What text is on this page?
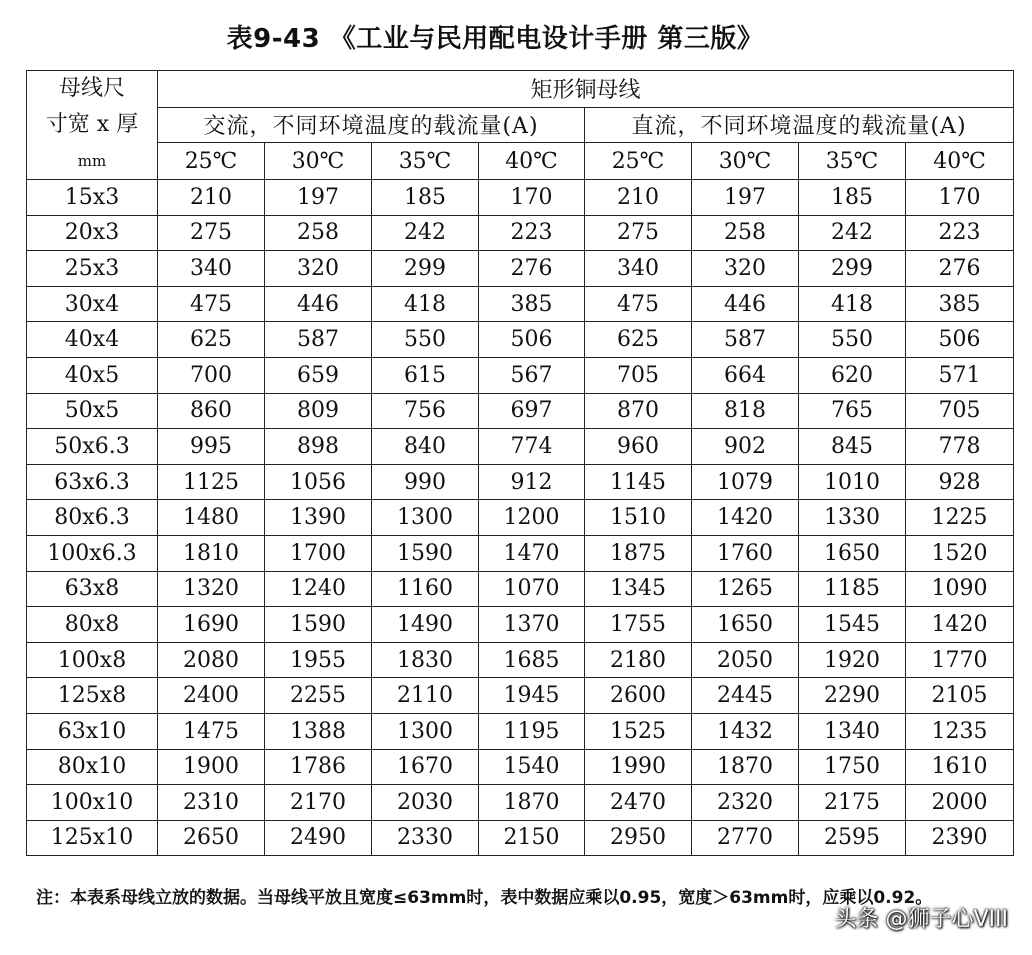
表9-43 《工业与民用配电设计手册 第三版》
母线尺
寸宽 x 厚
mm	矩形铜母线							
	交流，不同环境温度的载流量(A)				直流，不同环境温度的载流量(A)			
	25℃	30℃	35℃	40℃	25℃	30℃	35℃	40℃
15x3	210	197	185	170	210	197	185	170
20x3	275	258	242	223	275	258	242	223
25x3	340	320	299	276	340	320	299	276
30x4	475	446	418	385	475	446	418	385
40x4	625	587	550	506	625	587	550	506
40x5	700	659	615	567	705	664	620	571
50x5	860	809	756	697	870	818	765	705
50x6.3	995	898	840	774	960	902	845	778
63x6.3	1125	1056	990	912	1145	1079	1010	928
80x6.3	1480	1390	1300	1200	1510	1420	1330	1225
100x6.3	1810	1700	1590	1470	1875	1760	1650	1520
63x8	1320	1240	1160	1070	1345	1265	1185	1090
80x8	1690	1590	1490	1370	1755	1650	1545	1420
100x8	2080	1955	1830	1685	2180	2050	1920	1770
125x8	2400	2255	2110	1945	2600	2445	2290	2105
63x10	1475	1388	1300	1195	1525	1432	1340	1235
80x10	1900	1786	1670	1540	1990	1870	1750	1610
100x10	2310	2170	2030	1870	2470	2320	2175	2000
125x10	2650	2490	2330	2150	2950	2770	2595	2390
注：本表系母线立放的数据。当母线平放且宽度≤63mm时，表中数据应乘以0.95，宽度＞63mm时，应乘以0.92。
头条 @狮子心VIII
